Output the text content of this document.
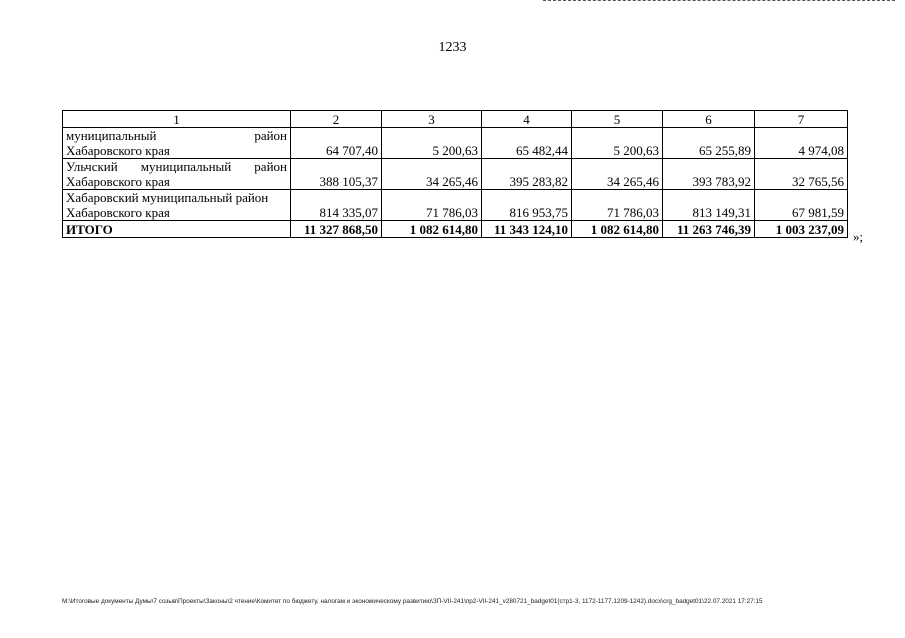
1233
1	2	3	4	5	6	7

муниципальный район
Хабаровского края	64 707,40	5 200,63	65 482,44	5 200,63	65 255,89	4 974,08

Ульчский муниципальный район
Хабаровского края	388 105,37	34 265,46	395 283,82	34 265,46	393 783,92	32 765,56

Хабаровский муниципальный район
Хабаровского края	814 335,07	71 786,03	816 953,75	71 786,03	813 149,31	67 981,59
ИТОГО	11 327 868,50	1 082 614,80	11 343 124,10	1 082 614,80	11 263 746,39	1 003 237,09 »;
М:\Итоговые документы Думы\7 созыв\Проекты\Законы\2 чтение\Комитет по бюджету, налогам и экономическому развитию\ЗП-VII-241\пр2-VII-241_v280721_badget01(стр1-3, 1172-1177,1209-1242).docx\сrg_badget01\22.07.2021 17:27:15
